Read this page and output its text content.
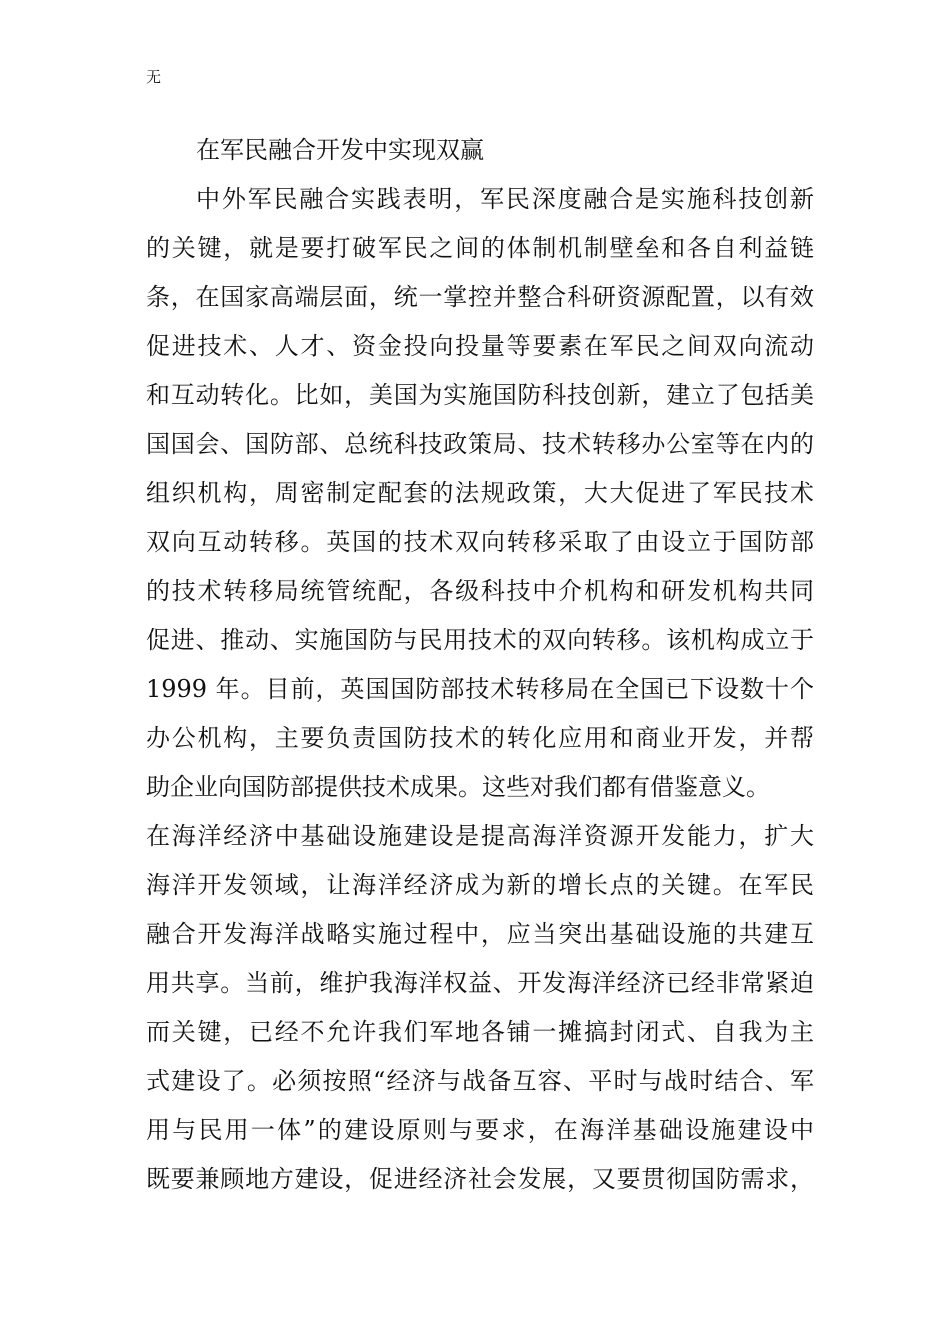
无

在军民融合开发中实现双赢

中外军民融合实践表明，军民深度融合是实施科技创新

的关键，就是要打破军民之间的体制机制壁垒和各自利益链

条，在国家高端层面，统一掌控并整合科研资源配置，以有效

促进技术、人才、资金投向投量等要素在军民之间双向流动

和互动转化。比如，美国为实施国防科技创新，建立了包括美

国国会、国防部、总统科技政策局、技术转移办公室等在内的

组织机构，周密制定配套的法规政策，大大促进了军民技术

双向互动转移。英国的技术双向转移采取了由设立于国防部

的技术转移局统管统配，各级科技中介机构和研发机构共同

促进、推动、实施国防与民用技术的双向转移。该机构成立于

1999 年。目前，英国国防部技术转移局在全国已下设数十个

办公机构，主要负责国防技术的转化应用和商业开发，并帮

助企业向国防部提供技术成果。这些对我们都有借鉴意义。

在海洋经济中基础设施建设是提高海洋资源开发能力，扩大

海洋开发领域，让海洋经济成为新的增长点的关键。在军民

融合开发海洋战略实施过程中，应当突出基础设施的共建互

用共享。当前，维护我海洋权益、开发海洋经济已经非常紧迫

而关键，已经不允许我们军地各铺一摊搞封闭式、自我为主

式建设了。必须按照“经济与战备互容、平时与战时结合、军

用与民用一体”的建设原则与要求，在海洋基础设施建设中

既要兼顾地方建设，促进经济社会发展，又要贯彻国防需求，
